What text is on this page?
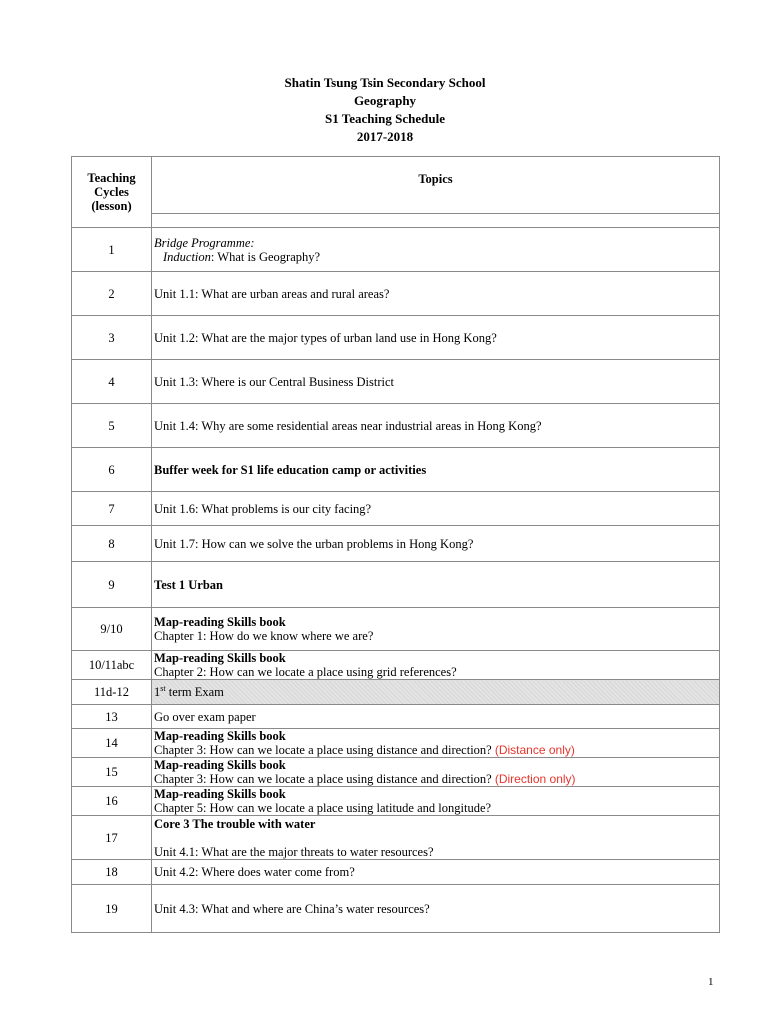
Shatin Tsung Tsin Secondary School
Geography
S1 Teaching Schedule
2017-2018
Teaching Cycles (lesson)	Topics

1	Bridge Programme:
Induction: What is Geography?
2	Unit 1.1: What are urban areas and rural areas?
3	Unit 1.2: What are the major types of urban land use in Hong Kong?
4	Unit 1.3: Where is our Central Business District
5	Unit 1.4: Why are some residential areas near industrial areas in Hong Kong?
6	Buffer week for S1 life education camp or activities
7	Unit 1.6: What problems is our city facing?
8	Unit 1.7: How can we solve the urban problems in Hong Kong?
9	Test 1 Urban
9/10	Map-reading Skills book
Chapter 1: How do we know where we are?

10/11abc	Map-reading Skills book
Chapter 2: How can we locate a place using grid references?

11d-12	1st term Exam
13	Go over exam paper
14	Map-reading Skills book
Chapter 3: How can we locate a place using distance and direction? (Distance only)

15	Map-reading Skills book
Chapter 3: How can we locate a place using distance and direction? (Direction only)

16	Map-reading Skills book
Chapter 5: How can we locate a place using latitude and longitude?

17	Core 3 The trouble with water
Unit 4.1: What are the major threats to water resources?

18	Unit 4.2: Where does water come from?
19	Unit 4.3: What and where are China’s water resources?
1
